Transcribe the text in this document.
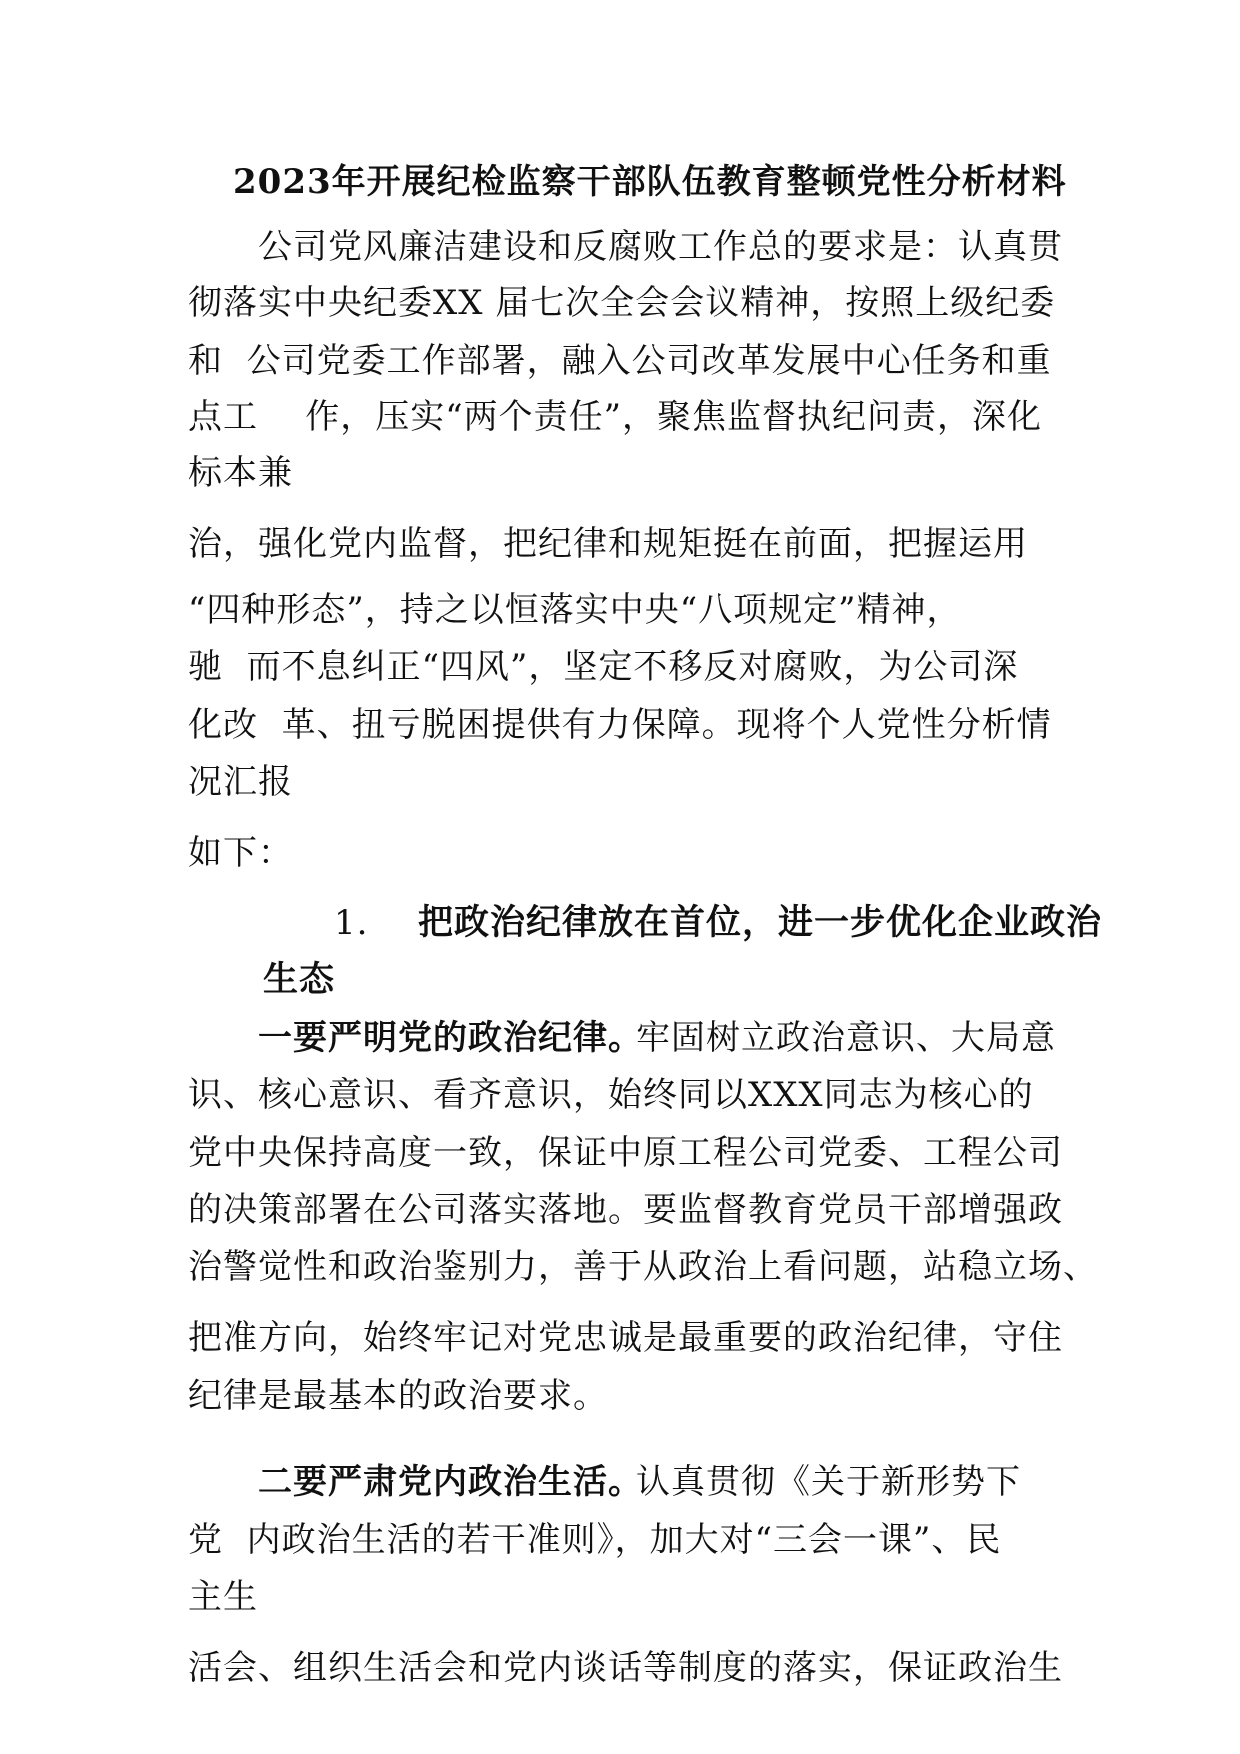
2023年开展纪检监察干部队伍教育整顿党性分析材料
公司党风廉洁建设和反腐败工作总的要求是：认真贯
彻落实中央纪委XX 届七次全会会议精神，按照上级纪委
和  公司党委工作部署，融入公司改革发展中心任务和重
点工    作，压实“两个责任”，聚焦监督执纪问责，深化
标本兼
治，强化党内监督，把纪律和规矩挺在前面，把握运用
“四种形态”，持之以恒落实中央“八项规定”精神，
驰  而不息纠正“四风”，坚定不移反对腐败，为公司深
化改  革、扭亏脱困提供有力保障。现将个人党性分析情
况汇报
如下：
1. 把政治纪律放在首位，进一步优化企业政治
生态
一要严明党的政治纪律。
牢固树立政治意识、大局意
识、核心意识、看齐意识，始终同以XXX同志为核心的
党中央保持高度一致，保证中原工程公司党委、工程公司
的决策部署在公司落实落地。要监督教育党员干部增强政
治警觉性和政治鉴别力，善于从政治上看问题，站稳立场、
把准方向，始终牢记对党忠诚是最重要的政治纪律，守住
纪律是最基本的政治要求。
二要严肃党内政治生活。
认真贯彻《关于新形势下
党  内政治生活的若干准则》，加大对“三会一课”、民
主生
活会、组织生活会和党内谈话等制度的落实，保证政治生
